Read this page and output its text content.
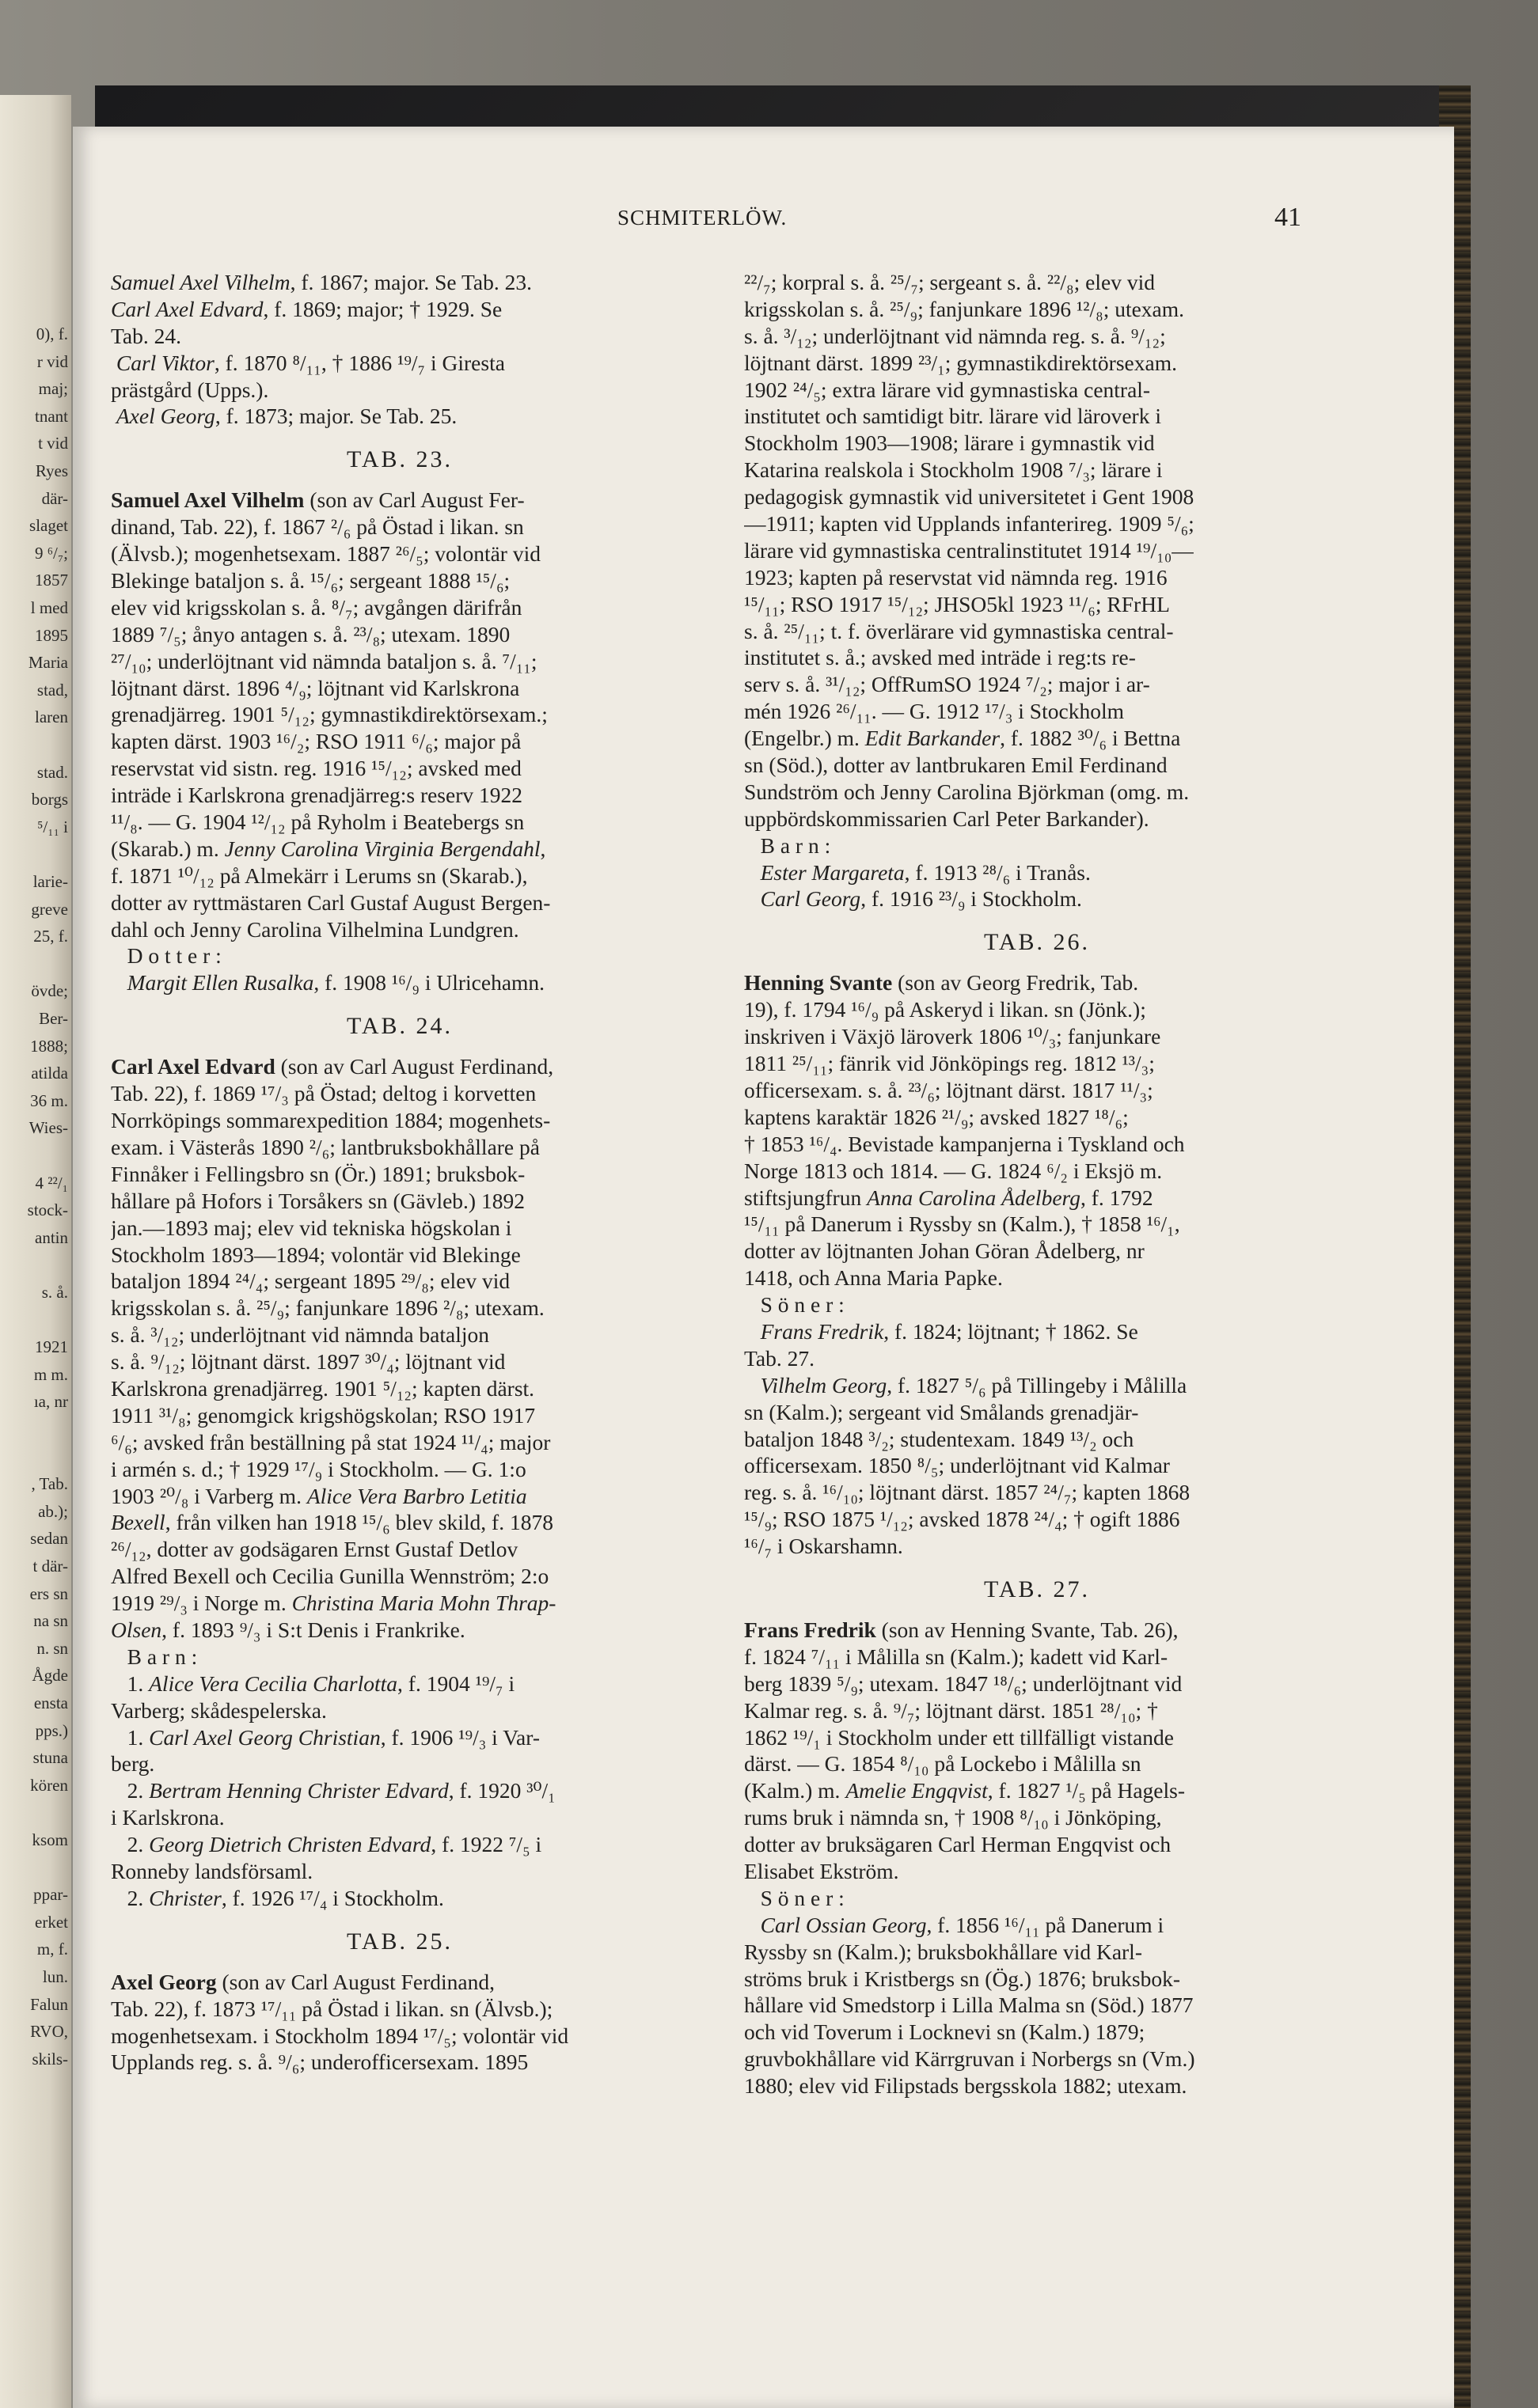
0), f.
r vid
maj;
tnant
t vid
Ryes
där-
slaget
9 ⁶/₇;
1857
l med
1895
Maria
stad,
laren
stad.
borgs
⁵/₁₁ i
larie-
greve
25, f.
övde;
Ber-
1888;
atilda
36 m.
Wies-
4 ²²/₁
stock-
antin
s. å.
1921
m m.
ıa, nr
, Tab.
ab.);
sedan
t där-
ers sn
na sn
n. sn
Ågde
ensta
pps.)
stuna
kören
ksom
ppar-
erket
m, f.
lun.
Falun
RVO,
skils-
SCHMITERLÖW.	41
Samuel Axel Vilhelm, f. 1867; major. Se Tab. 23.
Carl Axel Edvard, f. 1869; major; † 1929. Se
Tab. 24.
Carl Viktor, f. 1870 ⁸/₁₁, † 1886 ¹⁹/₇ i Giresta
prästgård (Upps.).
Axel Georg, f. 1873; major. Se Tab. 25.
TAB. 23.
Samuel Axel Vilhelm (son av Carl August Fer-
dinand, Tab. 22), f. 1867 ²/₆ på Östad i likan. sn
(Älvsb.); mogenhetsexam. 1887 ²⁶/₅; volontär vid
Blekinge bataljon s. å. ¹⁵/₆; sergeant 1888 ¹⁵/₆;
elev vid krigsskolan s. å. ⁸/₇; avgången därifrån
1889 ⁷/₅; ånyo antagen s. å. ²³/₈; utexam. 1890
²⁷/₁₀; underlöjtnant vid nämnda bataljon s. å. ⁷/₁₁;
löjtnant därst. 1896 ⁴/₉; löjtnant vid Karlskrona
grenadjärreg. 1901 ⁵/₁₂; gymnastikdirektörsexam.;
kapten därst. 1903 ¹⁶/₂; RSO 1911 ⁶/₆; major på
reservstat vid sistn. reg. 1916 ¹⁵/₁₂; avsked med
inträde i Karlskrona grenadjärreg:s reserv 1922
¹¹/₈. — G. 1904 ¹²/₁₂ på Ryholm i Beatebergs sn
(Skarab.) m. Jenny Carolina Virginia Bergendahl,
f. 1871 ¹⁰/₁₂ på Almekärr i Lerums sn (Skarab.),
dotter av ryttmästaren Carl Gustaf August Bergen-
dahl och Jenny Carolina Vilhelmina Lundgren.
D o t t e r :
Margit Ellen Rusalka, f. 1908 ¹⁶/₉ i Ulricehamn.
TAB. 24.
Carl Axel Edvard (son av Carl August Ferdinand,
Tab. 22), f. 1869 ¹⁷/₃ på Östad; deltog i korvetten
Norrköpings sommarexpedition 1884; mogenhets-
exam. i Västerås 1890 ²/₆; lantbruksbokhållare på
Finnåker i Fellingsbro sn (Ör.) 1891; bruksbok-
hållare på Hofors i Torsåkers sn (Gävleb.) 1892
jan.—1893 maj; elev vid tekniska högskolan i
Stockholm 1893—1894; volontär vid Blekinge
bataljon 1894 ²⁴/₄; sergeant 1895 ²⁹/₈; elev vid
krigsskolan s. å. ²⁵/₉; fanjunkare 1896 ²/₈; utexam.
s. å. ³/₁₂; underlöjtnant vid nämnda bataljon
s. å. ⁹/₁₂; löjtnant därst. 1897 ³⁰/₄; löjtnant vid
Karlskrona grenadjärreg. 1901 ⁵/₁₂; kapten därst.
1911 ³¹/₈; genomgick krigshögskolan; RSO 1917
⁶/₆; avsked från beställning på stat 1924 ¹¹/₄; major
i armén s. d.; † 1929 ¹⁷/₉ i Stockholm. — G. 1:o
1903 ²⁰/₈ i Varberg m. Alice Vera Barbro Letitia
Bexell, från vilken han 1918 ¹⁵/₆ blev skild, f. 1878
²⁶/₁₂, dotter av godsägaren Ernst Gustaf Detlov
Alfred Bexell och Cecilia Gunilla Wennström; 2:o
1919 ²⁹/₃ i Norge m. Christina Maria Mohn Thrap-
Olsen, f. 1893 ⁹/₃ i S:t Denis i Frankrike.
B a r n :
1. Alice Vera Cecilia Charlotta, f. 1904 ¹⁹/₇ i
Varberg; skådespelerska.
1. Carl Axel Georg Christian, f. 1906 ¹⁹/₃ i Var-
berg.
2. Bertram Henning Christer Edvard, f. 1920 ³⁰/₁
i Karlskrona.
2. Georg Dietrich Christen Edvard, f. 1922 ⁷/₅ i
Ronneby landsförsaml.
2. Christer, f. 1926 ¹⁷/₄ i Stockholm.
TAB. 25.
Axel Georg (son av Carl August Ferdinand,
Tab. 22), f. 1873 ¹⁷/₁₁ på Östad i likan. sn (Älvsb.);
mogenhetsexam. i Stockholm 1894 ¹⁷/₅; volontär vid
Upplands reg. s. å. ⁹/₆; underofficersexam. 1895
²²/₇; korpral s. å. ²⁵/₇; sergeant s. å. ²²/₈; elev vid
krigsskolan s. å. ²⁵/₉; fanjunkare 1896 ¹²/₈; utexam.
s. å. ³/₁₂; underlöjtnant vid nämnda reg. s. å. ⁹/₁₂;
löjtnant därst. 1899 ²³/₁; gymnastikdirektörsexam.
1902 ²⁴/₅; extra lärare vid gymnastiska central-
institutet och samtidigt bitr. lärare vid läroverk i
Stockholm 1903—1908; lärare i gymnastik vid
Katarina realskola i Stockholm 1908 ⁷/₃; lärare i
pedagogisk gymnastik vid universitetet i Gent 1908
—1911; kapten vid Upplands infanterireg. 1909 ⁵/₆;
lärare vid gymnastiska centralinstitutet 1914 ¹⁹/₁₀—
1923; kapten på reservstat vid nämnda reg. 1916
¹⁵/₁₁; RSO 1917 ¹⁵/₁₂; JHSO5kl 1923 ¹¹/₆; RFrHL
s. å. ²⁵/₁₁; t. f. överlärare vid gymnastiska central-
institutet s. å.; avsked med inträde i reg:ts re-
serv s. å. ³¹/₁₂; OffRumSO 1924 ⁷/₂; major i ar-
mén 1926 ²⁶/₁₁. — G. 1912 ¹⁷/₃ i Stockholm
(Engelbr.) m. Edit Barkander, f. 1882 ³⁰/₆ i Bettna
sn (Söd.), dotter av lantbrukaren Emil Ferdinand
Sundström och Jenny Carolina Björkman (omg. m.
uppbördskommissarien Carl Peter Barkander).
B a r n :
Ester Margareta, f. 1913 ²⁸/₆ i Tranås.
Carl Georg, f. 1916 ²³/₉ i Stockholm.
TAB. 26.
Henning Svante (son av Georg Fredrik, Tab.
19), f. 1794 ¹⁶/₉ på Askeryd i likan. sn (Jönk.);
inskriven i Växjö läroverk 1806 ¹⁰/₃; fanjunkare
1811 ²⁵/₁₁; fänrik vid Jönköpings reg. 1812 ¹³/₃;
officersexam. s. å. ²³/₆; löjtnant därst. 1817 ¹¹/₃;
kaptens karaktär 1826 ²¹/₉; avsked 1827 ¹⁸/₆;
† 1853 ¹⁶/₄. Bevistade kampanjerna i Tyskland och
Norge 1813 och 1814. — G. 1824 ⁶/₂ i Eksjö m.
stiftsjungfrun Anna Carolina Ådelberg, f. 1792
¹⁵/₁₁ på Danerum i Ryssby sn (Kalm.), † 1858 ¹⁶/₁,
dotter av löjtnanten Johan Göran Ådelberg, nr
1418, och Anna Maria Papke.
S ö n e r :
Frans Fredrik, f. 1824; löjtnant; † 1862. Se
Tab. 27.
Vilhelm Georg, f. 1827 ⁵/₆ på Tillingeby i Målilla
sn (Kalm.); sergeant vid Smålands grenadjär-
bataljon 1848 ³/₂; studentexam. 1849 ¹³/₂ och
officersexam. 1850 ⁸/₅; underlöjtnant vid Kalmar
reg. s. å. ¹⁶/₁₀; löjtnant därst. 1857 ²⁴/₇; kapten 1868
¹⁵/₉; RSO 1875 ¹/₁₂; avsked 1878 ²⁴/₄; † ogift 1886
¹⁶/₇ i Oskarshamn.
TAB. 27.
Frans Fredrik (son av Henning Svante, Tab. 26),
f. 1824 ⁷/₁₁ i Målilla sn (Kalm.); kadett vid Karl-
berg 1839 ⁵/₉; utexam. 1847 ¹⁸/₆; underlöjtnant vid
Kalmar reg. s. å. ⁹/₇; löjtnant därst. 1851 ²⁸/₁₀; †
1862 ¹⁹/₁ i Stockholm under ett tillfälligt vistande
därst. — G. 1854 ⁸/₁₀ på Lockebo i Målilla sn
(Kalm.) m. Amelie Engqvist, f. 1827 ¹/₅ på Hagels-
rums bruk i nämnda sn, † 1908 ⁸/₁₀ i Jönköping,
dotter av bruksägaren Carl Herman Engqvist och
Elisabet Ekström.
S ö n e r :
Carl Ossian Georg, f. 1856 ¹⁶/₁₁ på Danerum i
Ryssby sn (Kalm.); bruksbokhållare vid Karl-
ströms bruk i Kristbergs sn (Ög.) 1876; bruksbok-
hållare vid Smedstorp i Lilla Malma sn (Söd.) 1877
och vid Toverum i Locknevi sn (Kalm.) 1879;
gruvbokhållare vid Kärrgruvan i Norbergs sn (Vm.)
1880; elev vid Filipstads bergsskola 1882; utexam.
